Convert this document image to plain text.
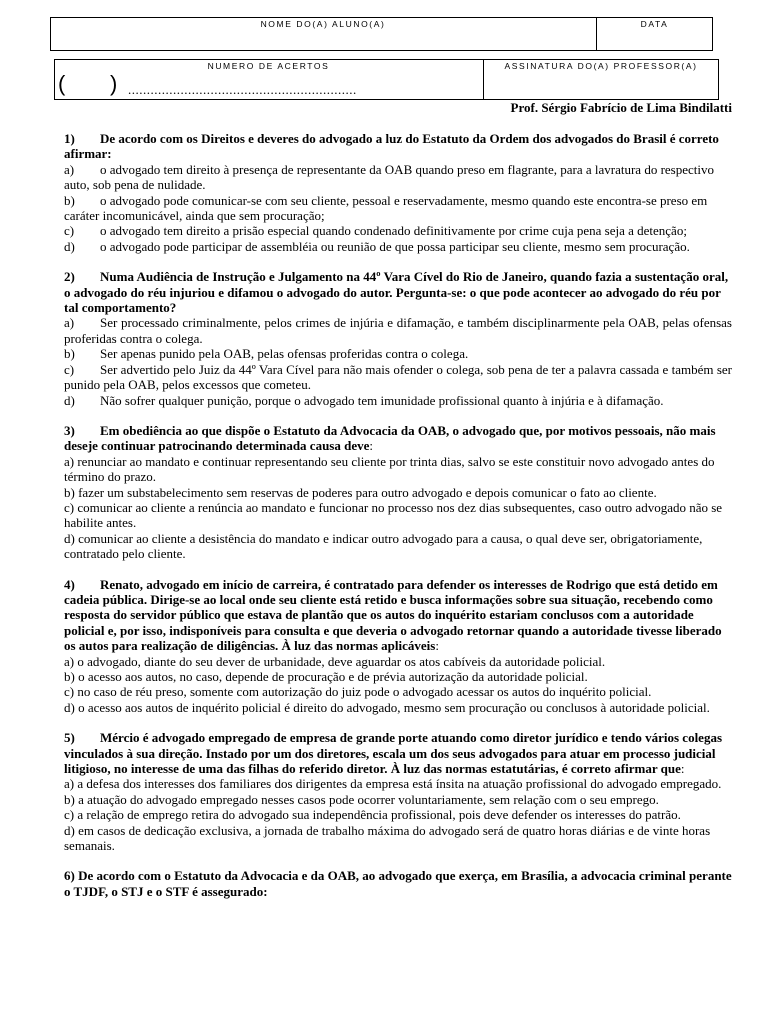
NOME DO(A) ALUNO(A)	DATA
NUMERO DE ACERTOS	ASSINATURA DO(A) PROFESSOR(A)
( ) .............................................................
Prof. Sérgio Fabrício de Lima Bindilatti
1) De acordo com os Direitos e deveres do advogado a luz do Estatuto da Ordem dos advogados do Brasil é correto afirmar:
a) o advogado tem direito à presença de representante da OAB quando preso em flagrante, para a lavratura do respectivo auto, sob pena de nulidade.
b) o advogado pode comunicar-se com seu cliente, pessoal e reservadamente, mesmo quando este encontra-se preso em caráter incomunicável, ainda que sem procuração;
c) o advogado tem direito a prisão especial quando condenado definitivamente por crime cuja pena seja a detenção;
d) o advogado pode participar de assembléia ou reunião de que possa participar seu cliente, mesmo sem procuração.
2) Numa Audiência de Instrução e Julgamento na 44º Vara Cível do Rio de Janeiro, quando fazia a sustentação oral, o advogado do réu injuriou e difamou o advogado do autor. Pergunta-se: o que pode acontecer ao advogado do réu por tal comportamento?
a) Ser processado criminalmente, pelos crimes de injúria e difamação, e também disciplinarmente pela OAB, pelas ofensas proferidas contra o colega.
b) Ser apenas punido pela OAB, pelas ofensas proferidas contra o colega.
c) Ser advertido pelo Juiz da 44º Vara Cível para não mais ofender o colega, sob pena de ter a palavra cassada e também ser punido pela OAB, pelos excessos que cometeu.
d) Não sofrer qualquer punição, porque o advogado tem imunidade profissional quanto à injúria e à difamação.
3) Em obediência ao que dispõe o Estatuto da Advocacia da OAB, o advogado que, por motivos pessoais, não mais deseje continuar patrocinando determinada causa deve:
a) renunciar ao mandato e continuar representando seu cliente por trinta dias, salvo se este constituir novo advogado antes do término do prazo.
b) fazer um substabelecimento sem reservas de poderes para outro advogado e depois comunicar o fato ao cliente.
c) comunicar ao cliente a renúncia ao mandato e funcionar no processo nos dez dias subsequentes, caso outro advogado não se habilite antes.
d) comunicar ao cliente a desistência do mandato e indicar outro advogado para a causa, o qual deve ser, obrigatoriamente, contratado pelo cliente.
4) Renato, advogado em início de carreira, é contratado para defender os interesses de Rodrigo que está detido em cadeia pública. Dirige-se ao local onde seu cliente está retido e busca informações sobre sua situação, recebendo como resposta do servidor público que estava de plantão que os autos do inquérito estariam conclusos com a autoridade policial e, por isso, indisponíveis para consulta e que deveria o advogado retornar quando a autoridade tivesse liberado os autos para realização de diligências. À luz das normas aplicáveis:
a) o advogado, diante do seu dever de urbanidade, deve aguardar os atos cabíveis da autoridade policial.
b) o acesso aos autos, no caso, depende de procuração e de prévia autorização da autoridade policial.
c) no caso de réu preso, somente com autorização do juiz pode o advogado acessar os autos do inquérito policial.
d) o acesso aos autos de inquérito policial é direito do advogado, mesmo sem procuração ou conclusos à autoridade policial.
5) Mércio é advogado empregado de empresa de grande porte atuando como diretor jurídico e tendo vários colegas vinculados à sua direção. Instado por um dos diretores, escala um dos seus advogados para atuar em processo judicial litigioso, no interesse de uma das filhas do referido diretor. À luz das normas estatutárias, é correto afirmar que:
a) a defesa dos interesses dos familiares dos dirigentes da empresa está ínsita na atuação profissional do advogado empregado.
b) a atuação do advogado empregado nesses casos pode ocorrer voluntariamente, sem relação com o seu emprego.
c) a relação de emprego retira do advogado sua independência profissional, pois deve defender os interesses do patrão.
d) em casos de dedicação exclusiva, a jornada de trabalho máxima do advogado será de quatro horas diárias e de vinte horas semanais.
6) De acordo com o Estatuto da Advocacia e da OAB, ao advogado que exerça, em Brasília, a advocacia criminal perante o TJDF, o STJ e o STF é assegurado:
